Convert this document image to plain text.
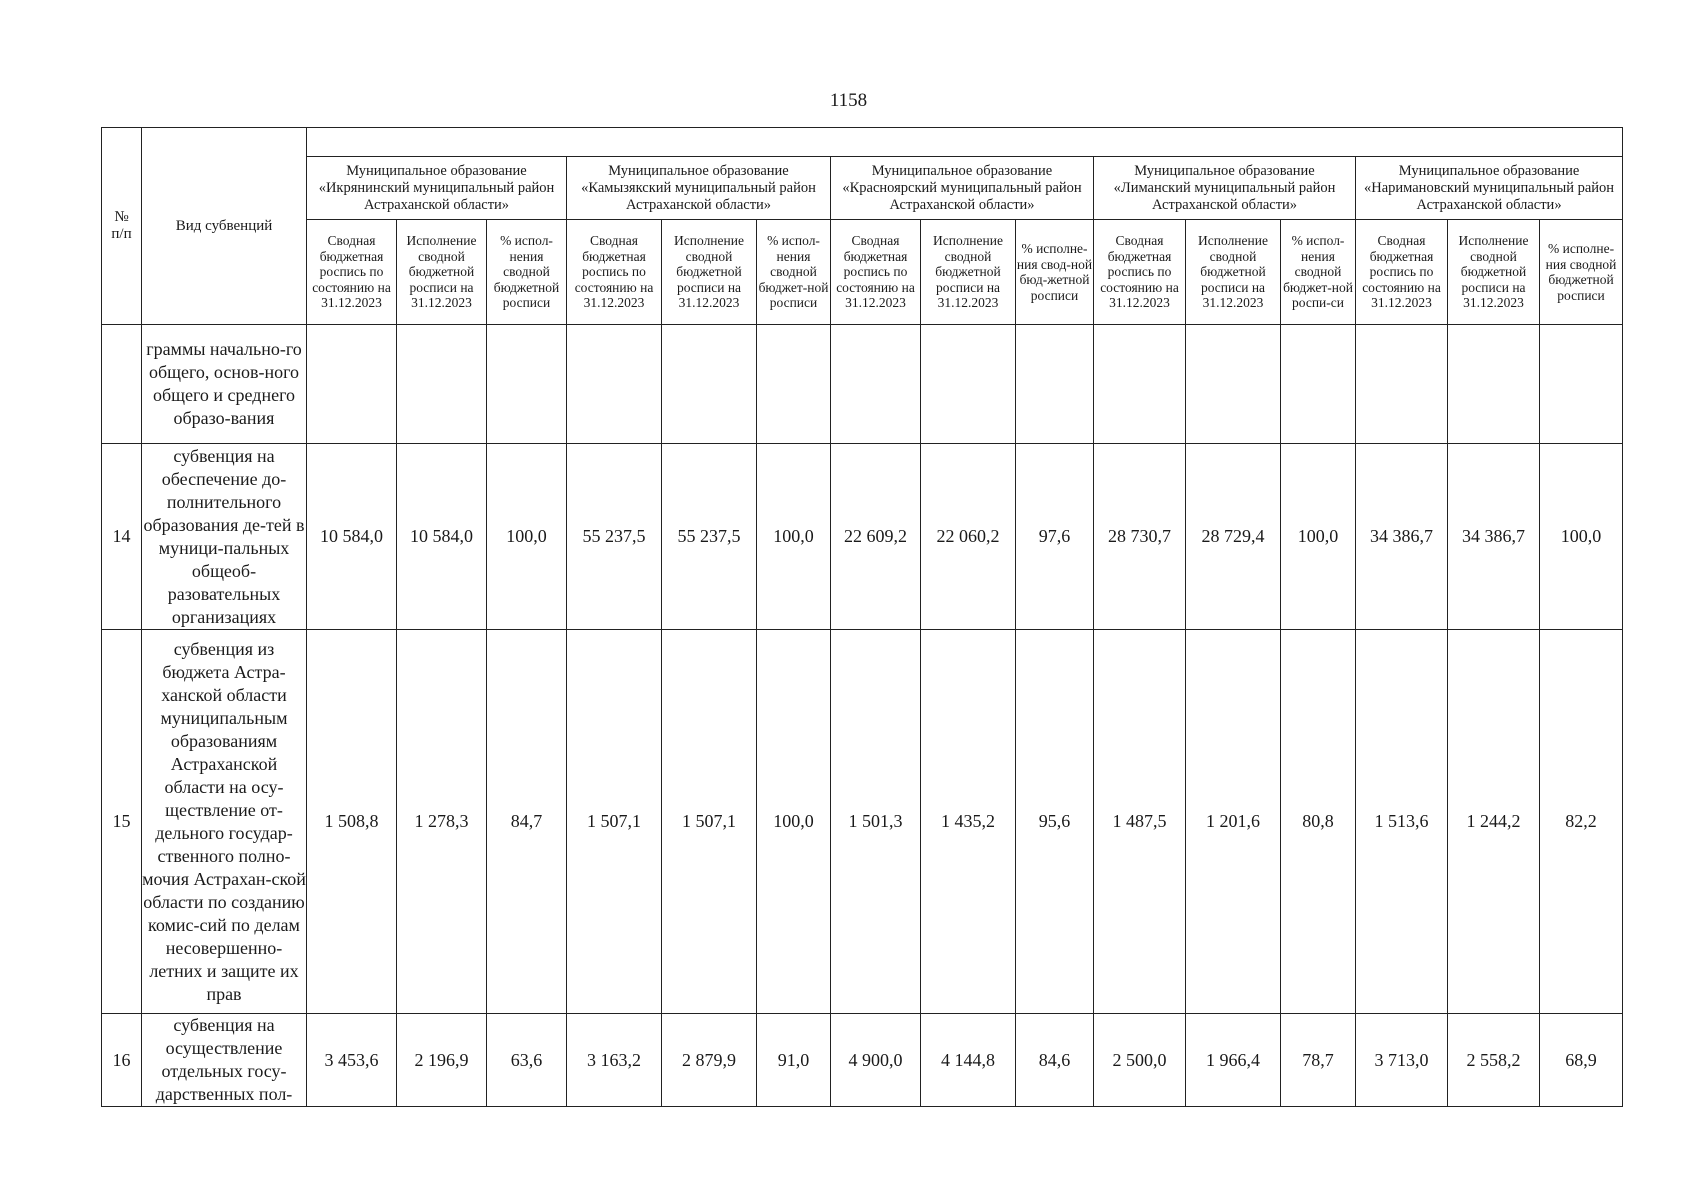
1158
№
п/п	Вид субвенций															
		Муниципальное образование «Икрянинский муниципальный район Астраханской области»			Муниципальное образование «Камызякский муниципальный район Астраханской области»			Муниципальное образование «Красноярский муниципальный район Астраханской области»			Муниципальное образование «Лиманский муниципальный район Астраханской области»			Муниципальное образование «Наримановский муниципальный район Астраханской области»		
		Сводная бюджетная роспись по состоянию на 31.12.2023	Исполнение сводной бюджетной росписи на 31.12.2023	% испол-нения сводной бюджетной росписи	Сводная бюджетная роспись по состоянию на 31.12.2023	Исполнение сводной бюджетной росписи на 31.12.2023	% испол-нения сводной бюджет-ной росписи	Сводная бюджетная роспись по состоянию на 31.12.2023	Исполнение сводной бюджетной росписи на 31.12.2023	% исполне-ния свод-ной бюд-жетной росписи	Сводная бюджетная роспись по состоянию на 31.12.2023	Исполнение сводной бюджетной росписи на 31.12.2023	% испол-нения сводной бюджет-ной роспи-си	Сводная бюджетная роспись по состоянию на 31.12.2023	Исполнение сводной бюджетной росписи на 31.12.2023	% исполне-ния сводной бюджетной росписи
	граммы начально-го общего, основ-ного общего и среднего образо-вания															
14	субвенция на обеспечение до-полнительного образования де-тей в муници-пальных общеоб-разовательных организациях	10 584,0	10 584,0	100,0	55 237,5	55 237,5	100,0	22 609,2	22 060,2	97,6	28 730,7	28 729,4	100,0	34 386,7	34 386,7	100,0
15	субвенция из бюджета Астра-ханской области муниципальным образованиям Астраханской области на осу-ществление от-дельного государ-ственного полно-мочия Астрахан-ской области по созданию комис-сий по делам несовершенно-летних и защите их прав	1 508,8	1 278,3	84,7	1 507,1	1 507,1	100,0	1 501,3	1 435,2	95,6	1 487,5	1 201,6	80,8	1 513,6	1 244,2	82,2
16	субвенция на осуществление отдельных госу-дарственных пол-	3 453,6	2 196,9	63,6	3 163,2	2 879,9	91,0	4 900,0	4 144,8	84,6	2 500,0	1 966,4	78,7	3 713,0	2 558,2	68,9
